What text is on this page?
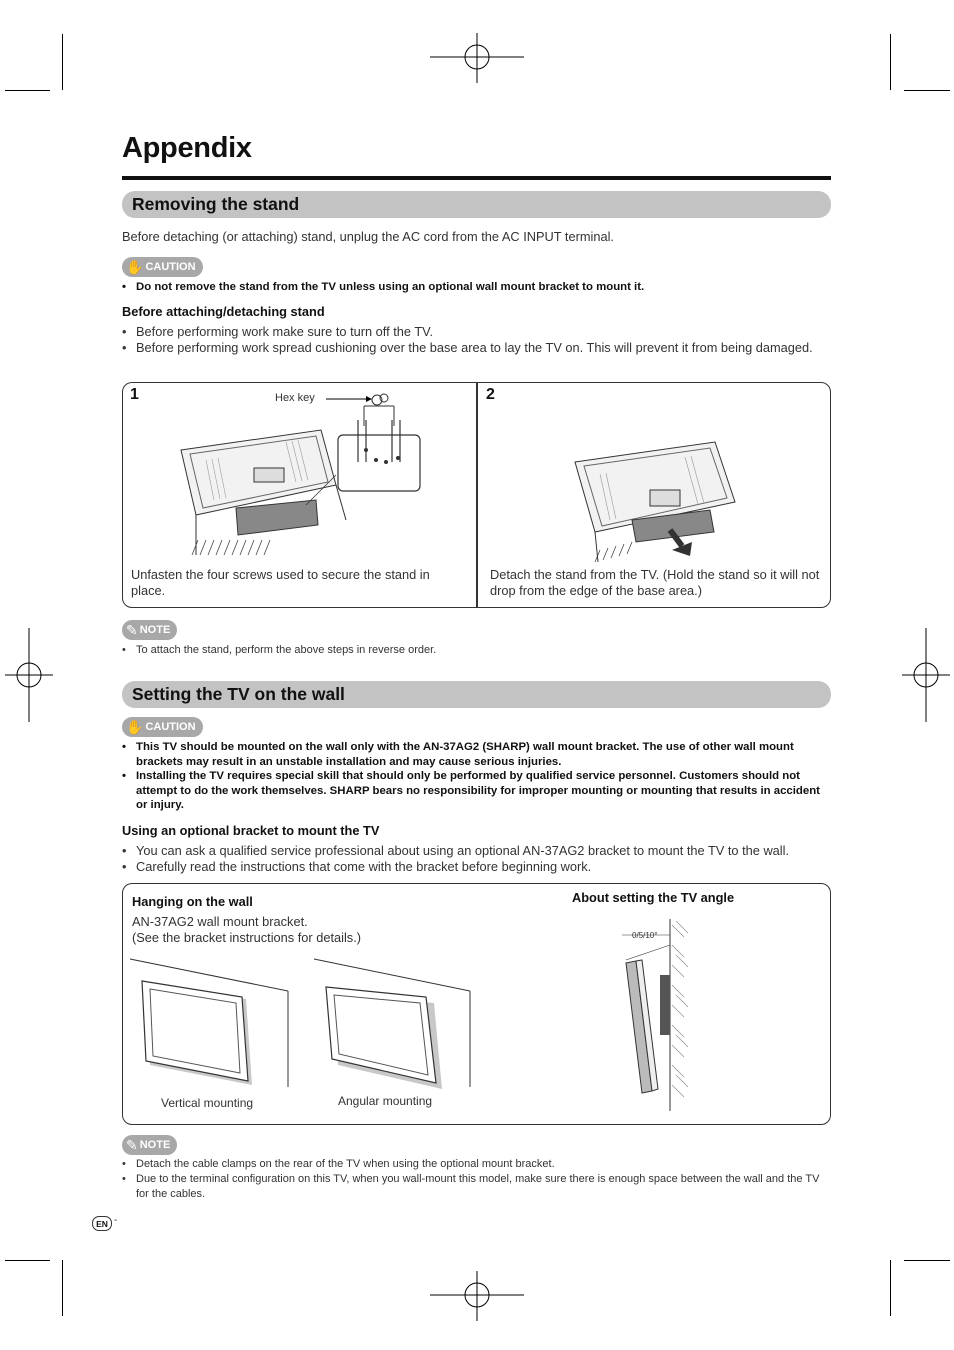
Appendix
Removing the stand
Before detaching (or attaching) stand, unplug the AC cord from the AC INPUT terminal.
✋ CAUTION
• Do not remove the stand from the TV unless using an optional wall mount bracket to mount it.
Before attaching/detaching stand
• Before performing work make sure to turn off the TV.
• Before performing work spread cushioning over the base area to lay the TV on. This will prevent it from being damaged.
1	2
Hex key
Unfasten the four screws used to secure the stand in place.
Detach the stand from the TV. (Hold the stand so it will not drop from the edge of the base area.)
✎ NOTE
• To attach the stand, perform the above steps in reverse order.
Setting the TV on the wall
✋ CAUTION
• This TV should be mounted on the wall only with the AN-37AG2 (SHARP) wall mount bracket. The use of other wall mount brackets may result in an unstable installation and may cause serious injuries.
• Installing the TV requires special skill that should only be performed by qualified service personnel. Customers should not attempt to do the work themselves. SHARP bears no responsibility for improper mounting or mounting that results in accident or injury.
Using an optional bracket to mount the TV
• You can ask a qualified service professional about using an optional AN-37AG2 bracket to mount the TV to the wall.
• Carefully read the instructions that come with the bracket before beginning work.
Hanging on the wall
AN-37AG2 wall mount bracket.
(See the bracket instructions for details.)
About setting the TV angle
Vertical mounting	Angular mounting
0/5/10°
✎ NOTE
• Detach the cable clamps on the rear of the TV when using the optional mount bracket.
• Due to the terminal configuration on this TV, when you wall-mount this model, make sure there is enough space between the wall and the TV for the cables.
EN -
